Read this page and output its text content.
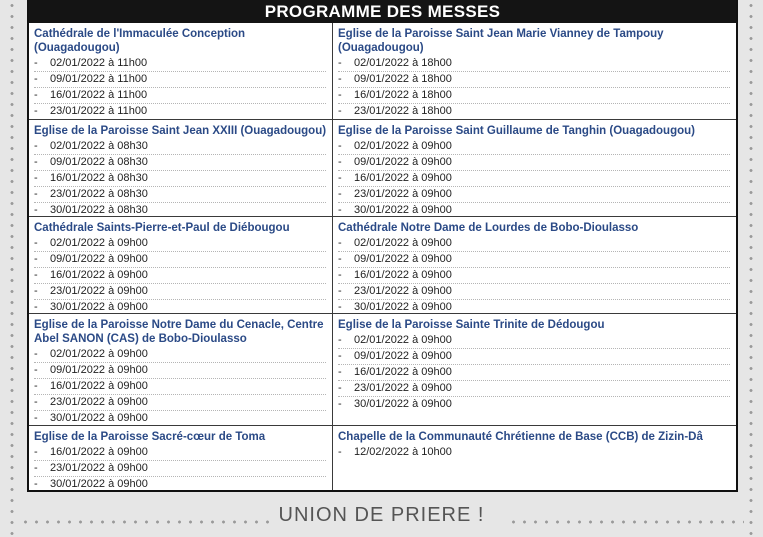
PROGRAMME DES MESSES
Cathédrale de l'Immaculée Conception (Ouagadougou)
- 02/01/2022 à 11h00
- 09/01/2022 à 11h00
- 16/01/2022 à 11h00
- 23/01/2022 à 11h00
Eglise de la Paroisse Saint Jean Marie Vianney de Tampouy (Ouagadougou)
- 02/01/2022 à 18h00
- 09/01/2022 à 18h00
- 16/01/2022 à 18h00
- 23/01/2022 à 18h00
Eglise de la Paroisse Saint Jean XXIII (Ouagadougou)
- 02/01/2022 à 08h30
- 09/01/2022 à 08h30
- 16/01/2022 à 08h30
- 23/01/2022 à 08h30
- 30/01/2022 à 08h30
Eglise de la Paroisse Saint Guillaume de Tanghin (Ouagadougou)
- 02/01/2022 à 09h00
- 09/01/2022 à 09h00
- 16/01/2022 à 09h00
- 23/01/2022 à 09h00
- 30/01/2022 à 09h00
Cathédrale Saints-Pierre-et-Paul de Diébougou
- 02/01/2022 à 09h00
- 09/01/2022 à 09h00
- 16/01/2022 à 09h00
- 23/01/2022 à 09h00
- 30/01/2022 à 09h00
Cathédrale Notre Dame de Lourdes de Bobo-Dioulasso
- 02/01/2022 à 09h00
- 09/01/2022 à 09h00
- 16/01/2022 à 09h00
- 23/01/2022 à 09h00
- 30/01/2022 à 09h00
Eglise de la Paroisse Notre Dame du Cenacle, Centre Abel SANON (CAS) de Bobo-Dioulasso
- 02/01/2022 à 09h00
- 09/01/2022 à 09h00
- 16/01/2022 à 09h00
- 23/01/2022 à 09h00
- 30/01/2022 à 09h00
Eglise de la Paroisse Sainte Trinite de Dédougou
- 02/01/2022 à 09h00
- 09/01/2022 à 09h00
- 16/01/2022 à 09h00
- 23/01/2022 à 09h00
- 30/01/2022 à 09h00
Eglise de la Paroisse Sacré-cœur de Toma
- 16/01/2022 à 09h00
- 23/01/2022 à 09h00
- 30/01/2022 à 09h00
Chapelle de la Communauté Chrétienne de Base (CCB) de Zizin-Dâ
- 12/02/2022 à 10h00
UNION DE PRIERE !
